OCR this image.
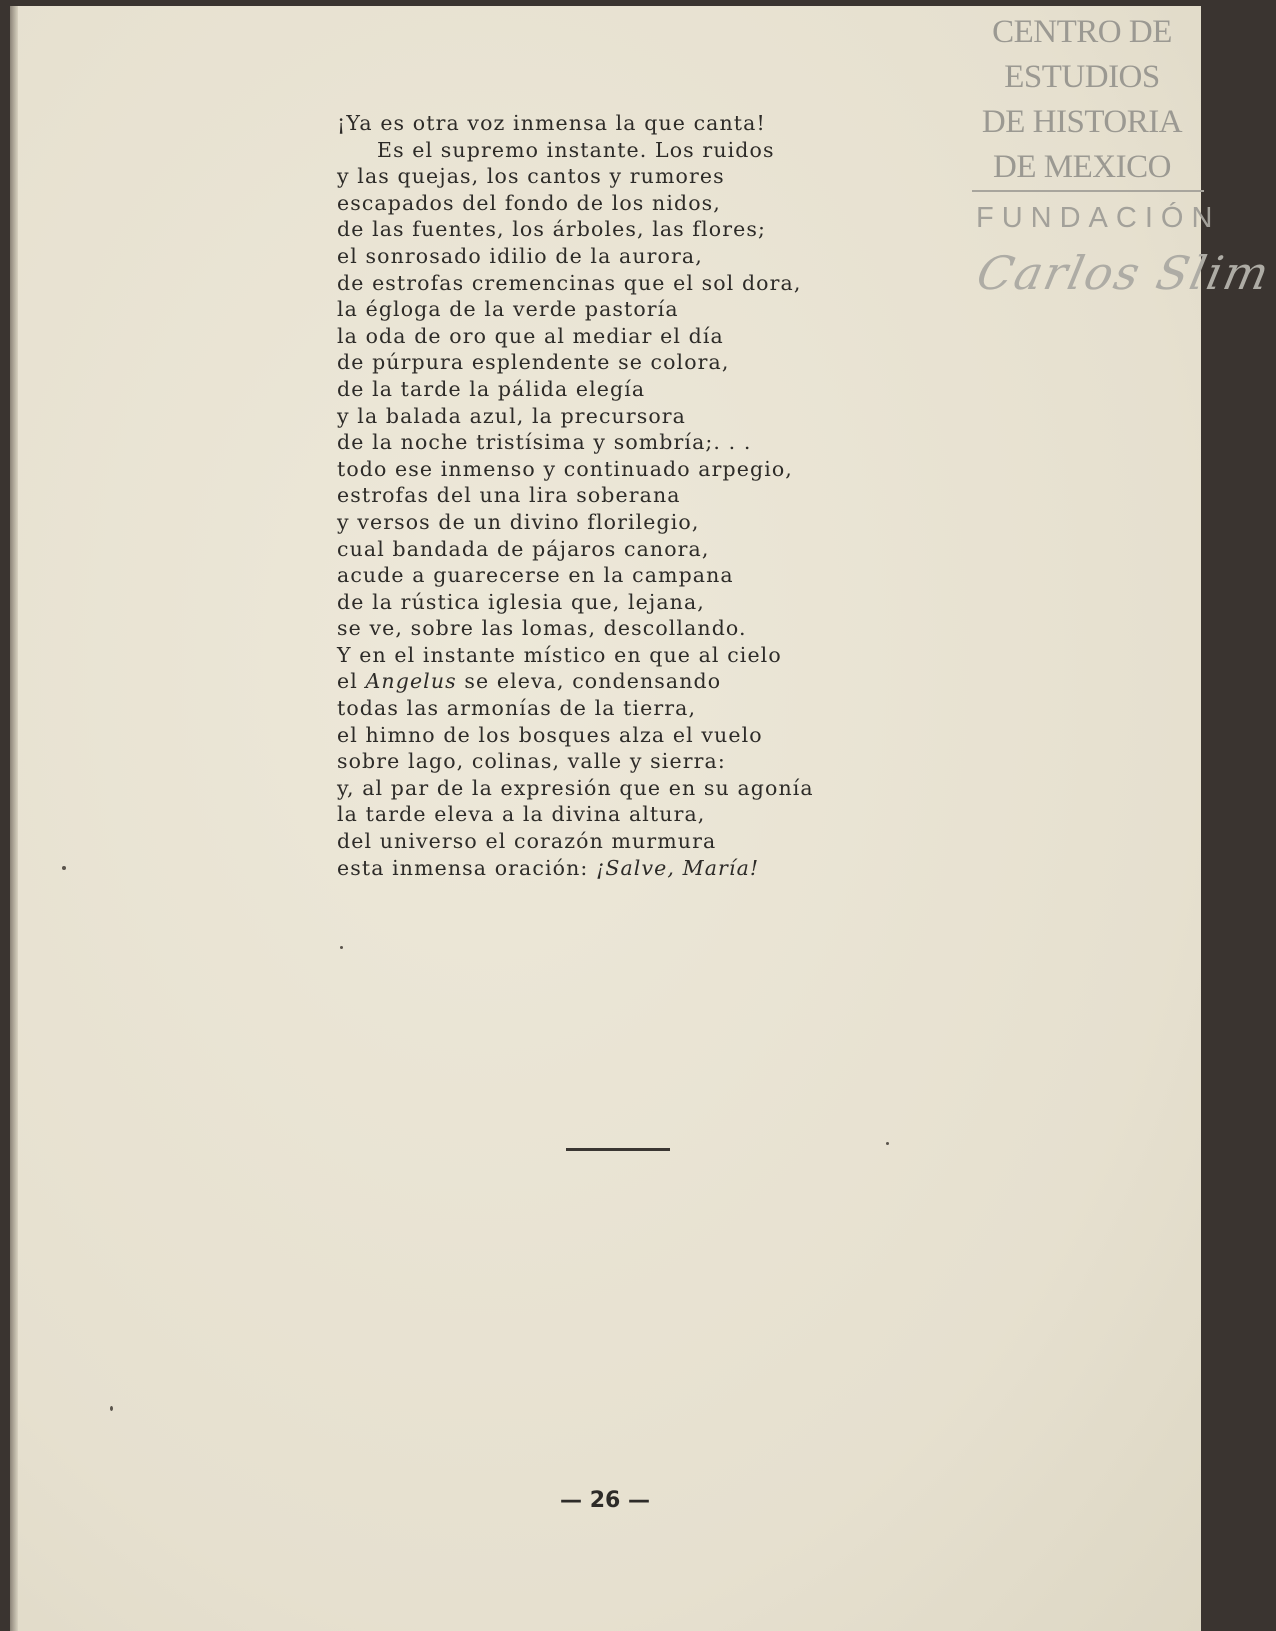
CENTRO DE
ESTUDIOS
DE HISTORIA
DE MEXICO
FUNDACIÓN
Carlos Slim
¡Ya es otra voz inmensa la que canta!
Es el supremo instante. Los ruidos
y las quejas, los cantos y rumores
escapados del fondo de los nidos,
de las fuentes, los árboles, las flores;
el sonrosado idilio de la aurora,
de estrofas cremencinas que el sol dora,
la égloga de la verde pastoría
la oda de oro que al mediar el día
de púrpura esplendente se colora,
de la tarde la pálida elegía
y la balada azul, la precursora
de la noche tristísima y sombría;. . .
todo ese inmenso y continuado arpegio,
estrofas del una lira soberana
y versos de un divino florilegio,
cual bandada de pájaros canora,
acude a guarecerse en la campana
de la rústica iglesia que, lejana,
se ve, sobre las lomas, descollando.
Y en el instante místico en que al cielo
el Angelus se eleva, condensando
todas las armonías de la tierra,
el himno de los bosques alza el vuelo
sobre lago, colinas, valle y sierra:
y, al par de la expresión que en su agonía
la tarde eleva a la divina altura,
del universo el corazón murmura
esta inmensa oración: ¡Salve, María!
— 26 —
